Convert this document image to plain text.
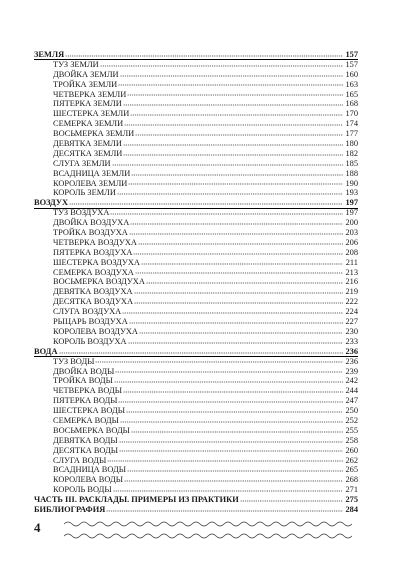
ЗЕМЛЯ	157
ТУЗ ЗЕМЛИ	157
ДВОЙКА ЗЕМЛИ	160
ТРОЙКА ЗЕМЛИ	163
ЧЕТВЕРКА ЗЕМЛИ	165
ПЯТЕРКА ЗЕМЛИ	168
ШЕСТЕРКА ЗЕМЛИ	170
СЕМЕРКА ЗЕМЛИ	174
ВОСЬМЕРКА ЗЕМЛИ	177
ДЕВЯТКА ЗЕМЛИ	180
ДЕСЯТКА ЗЕМЛИ	182
СЛУГА ЗЕМЛИ	185
ВСАДНИЦА ЗЕМЛИ	188
КОРОЛЕВА ЗЕМЛИ	190
КОРОЛЬ ЗЕМЛИ	193
ВОЗДУХ	197
ТУЗ ВОЗДУХА	197
ДВОЙКА ВОЗДУХА	200
ТРОЙКА ВОЗДУХА	203
ЧЕТВЕРКА ВОЗДУХА	206
ПЯТЕРКА ВОЗДУХА	208
ШЕСТЕРКА ВОЗДУХА	211
СЕМЕРКА ВОЗДУХА	213
ВОСЬМЕРКА ВОЗДУХА	216
ДЕВЯТКА ВОЗДУХА	219
ДЕСЯТКА ВОЗДУХА	222
СЛУГА ВОЗДУХА	224
РЫЦАРЬ ВОЗДУХА	227
КОРОЛЕВА ВОЗДУХА	230
КОРОЛЬ ВОЗДУХА	233
ВОДА	236
ТУЗ ВОДЫ	236
ДВОЙКА ВОДЫ	239
ТРОЙКА ВОДЫ	242
ЧЕТВЕРКА ВОДЫ	244
ПЯТЕРКА ВОДЫ	247
ШЕСТЕРКА ВОДЫ	250
СЕМЕРКА ВОДЫ	252
ВОСЬМЕРКА ВОДЫ	255
ДЕВЯТКА ВОДЫ	258
ДЕСЯТКА ВОДЫ	260
СЛУГА ВОДЫ	262
ВСАДНИЦА ВОДЫ	265
КОРОЛЕВА ВОДЫ	268
КОРОЛЬ ВОДЫ	271
ЧАСТЬ III. РАСКЛАДЫ. ПРИМЕРЫ ИЗ ПРАКТИКИ	275
БИБЛИОГРАФИЯ	284
4
